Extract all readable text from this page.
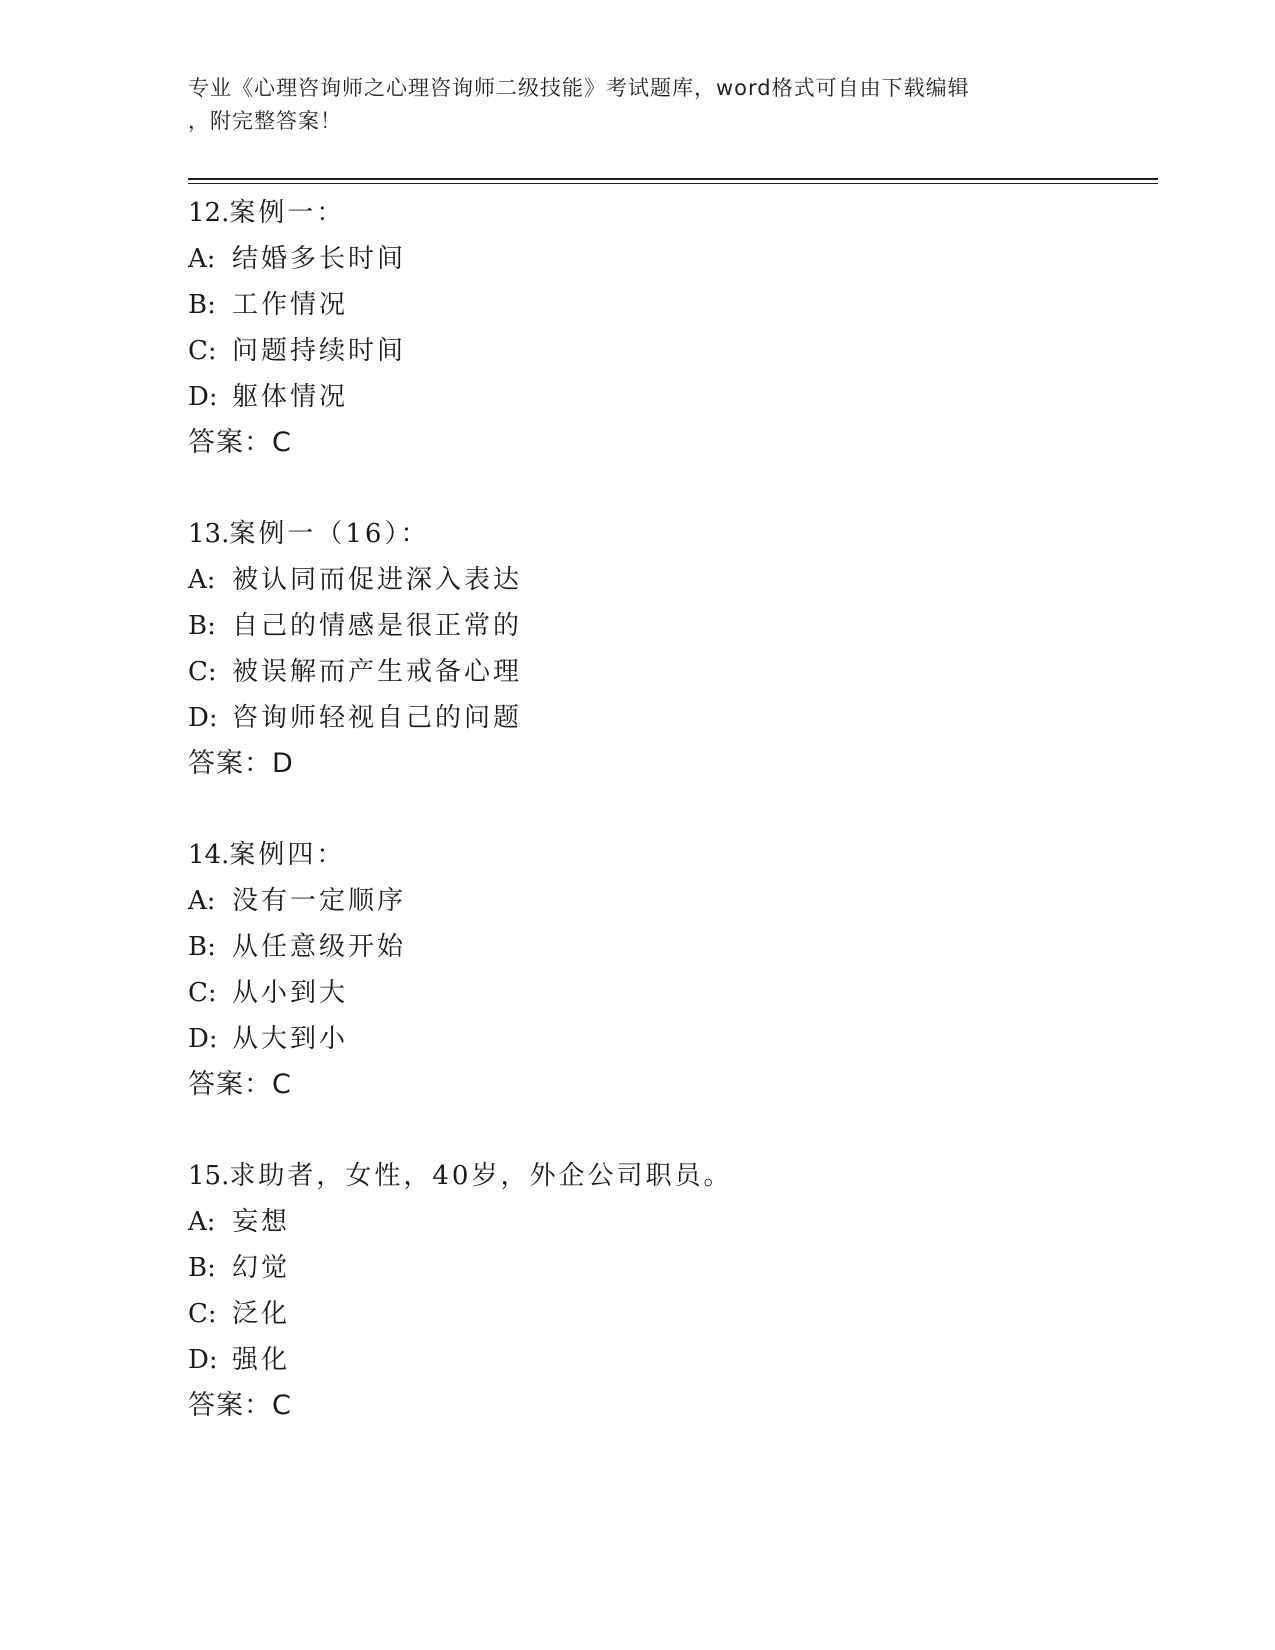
专业《心理咨询师之心理咨询师二级技能》考试题库，word格式可自由下载编辑
，附完整答案！
12.案例一：
A: 结婚多长时间
B: 工作情况
C: 问题持续时间
D: 躯体情况
答案：C
13.案例一（16）：
A: 被认同而促进深入表达
B: 自己的情感是很正常的
C: 被误解而产生戒备心理
D: 咨询师轻视自己的问题
答案：D
14.案例四：
A: 没有一定顺序
B: 从任意级开始
C: 从小到大
D: 从大到小
答案：C
15.求助者，女性，40岁，外企公司职员。
A: 妄想
B: 幻觉
C: 泛化
D: 强化
答案：C
